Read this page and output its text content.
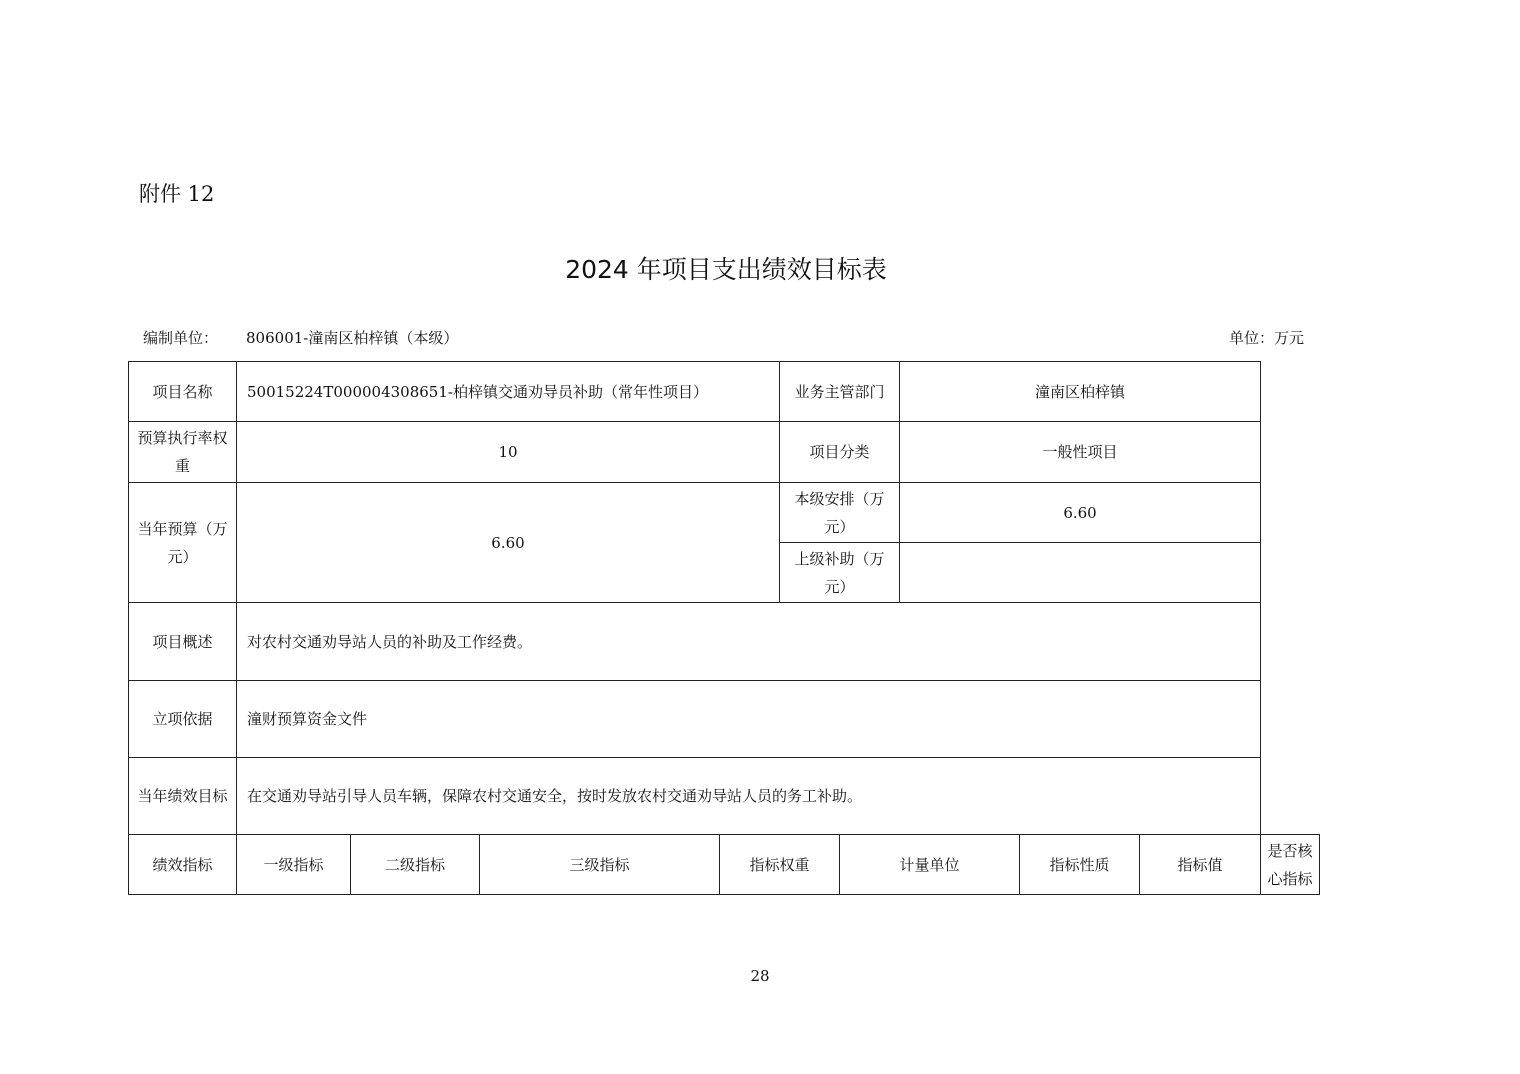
附件 12
2024 年项目支出绩效目标表
编制单位： 806001-潼南区柏梓镇（本级）	单位：万元
项目名称	50015224T000004308651-柏梓镇交通劝导员补助（常年性项目）				业务主管部门		潼南区柏梓镇			
预算执行率权重	10				项目分类		一般性项目			
当年预算（万元）	6.60				本级安排（万元）		6.60			
					上级补助（万元）					
项目概述	对农村交通劝导站人员的补助及工作经费。									
立项依据	潼财预算资金文件									
当年绩效目标	在交通劝导站引导人员车辆，保障农村交通安全，按时发放农村交通劝导站人员的务工补助。									
绩效指标	一级指标	二级指标	三级指标	指标权重		计量单位		指标性质	指标值	是否核心指标
28
